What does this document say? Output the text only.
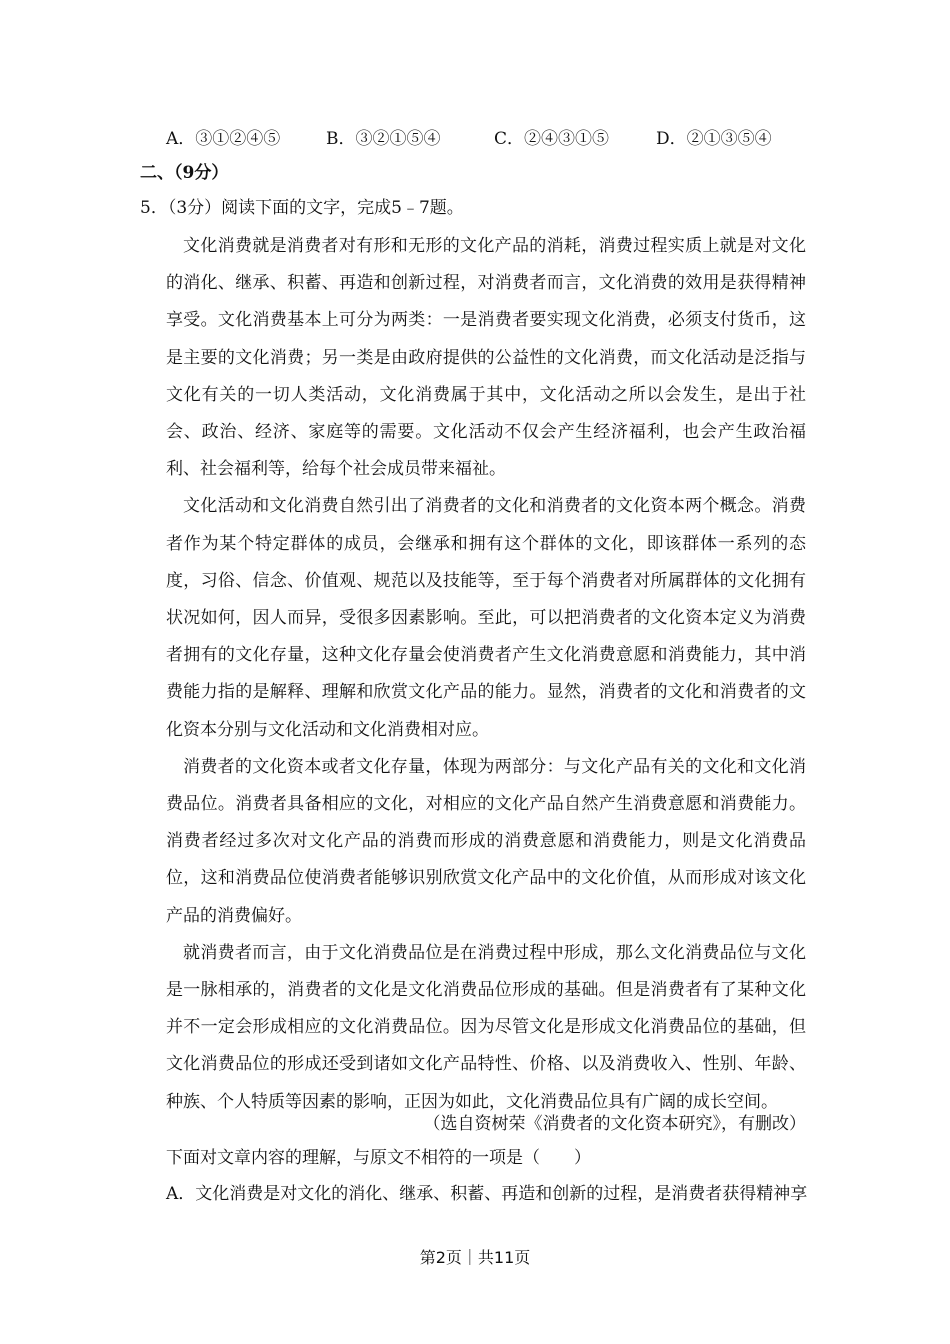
A．③①②④⑤	B．③②①⑤④	C．②④③①⑤	D．②①③⑤④
二、（9分）
5．（3分）阅读下面的文字，完成5﹣7题。

文化消费就是消费者对有形和无形的文化产品的消耗，消费过程实质上就是对文化的消化、继承、积蓄、再造和创新过程，对消费者而言，文化消费的效用是获得精神享受。文化消费基本上可分为两类：一是消费者要实现文化消费，必须支付货币，这是主要的文化消费；另一类是由政府提供的公益性的文化消费，而文化活动是泛指与文化有关的一切人类活动，文化消费属于其中，文化活动之所以会发生，是出于社会、政治、经济、家庭等的需要。文化活动不仅会产生经济福利，也会产生政治福利、社会福利等，给每个社会成员带来福祉。

文化活动和文化消费自然引出了消费者的文化和消费者的文化资本两个概念。消费者作为某个特定群体的成员，会继承和拥有这个群体的文化，即该群体一系列的态度，习俗、信念、价值观、规范以及技能等，至于每个消费者对所属群体的文化拥有状况如何，因人而异，受很多因素影响。至此，可以把消费者的文化资本定义为消费者拥有的文化存量，这种文化存量会使消费者产生文化消费意愿和消费能力，其中消费能力指的是解释、理解和欣赏文化产品的能力。显然，消费者的文化和消费者的文化资本分别与文化活动和文化消费相对应。

消费者的文化资本或者文化存量，体现为两部分：与文化产品有关的文化和文化消费品位。消费者具备相应的文化，对相应的文化产品自然产生消费意愿和消费能力。消费者经过多次对文化产品的消费而形成的消费意愿和消费能力，则是文化消费品位，这和消费品位使消费者能够识别欣赏文化产品中的文化价值，从而形成对该文化产品的消费偏好。

就消费者而言，由于文化消费品位是在消费过程中形成，那么文化消费品位与文化是一脉相承的，消费者的文化是文化消费品位形成的基础。但是消费者有了某种文化并不一定会形成相应的文化消费品位。因为尽管文化是形成文化消费品位的基础，但文化消费品位的形成还受到诸如文化产品特性、价格、以及消费收入、性别、年龄、种族、个人特质等因素的影响，正因为如此，文化消费品位具有广阔的成长空间。

（选自资树荣《消费者的文化资本研究》，有删改）
下面对文章内容的理解，与原文不相符的一项是（　　）
A．文化消费是对文化的消化、继承、积蓄、再造和创新的过程，是消费者获得精神享
第2页｜共11页
